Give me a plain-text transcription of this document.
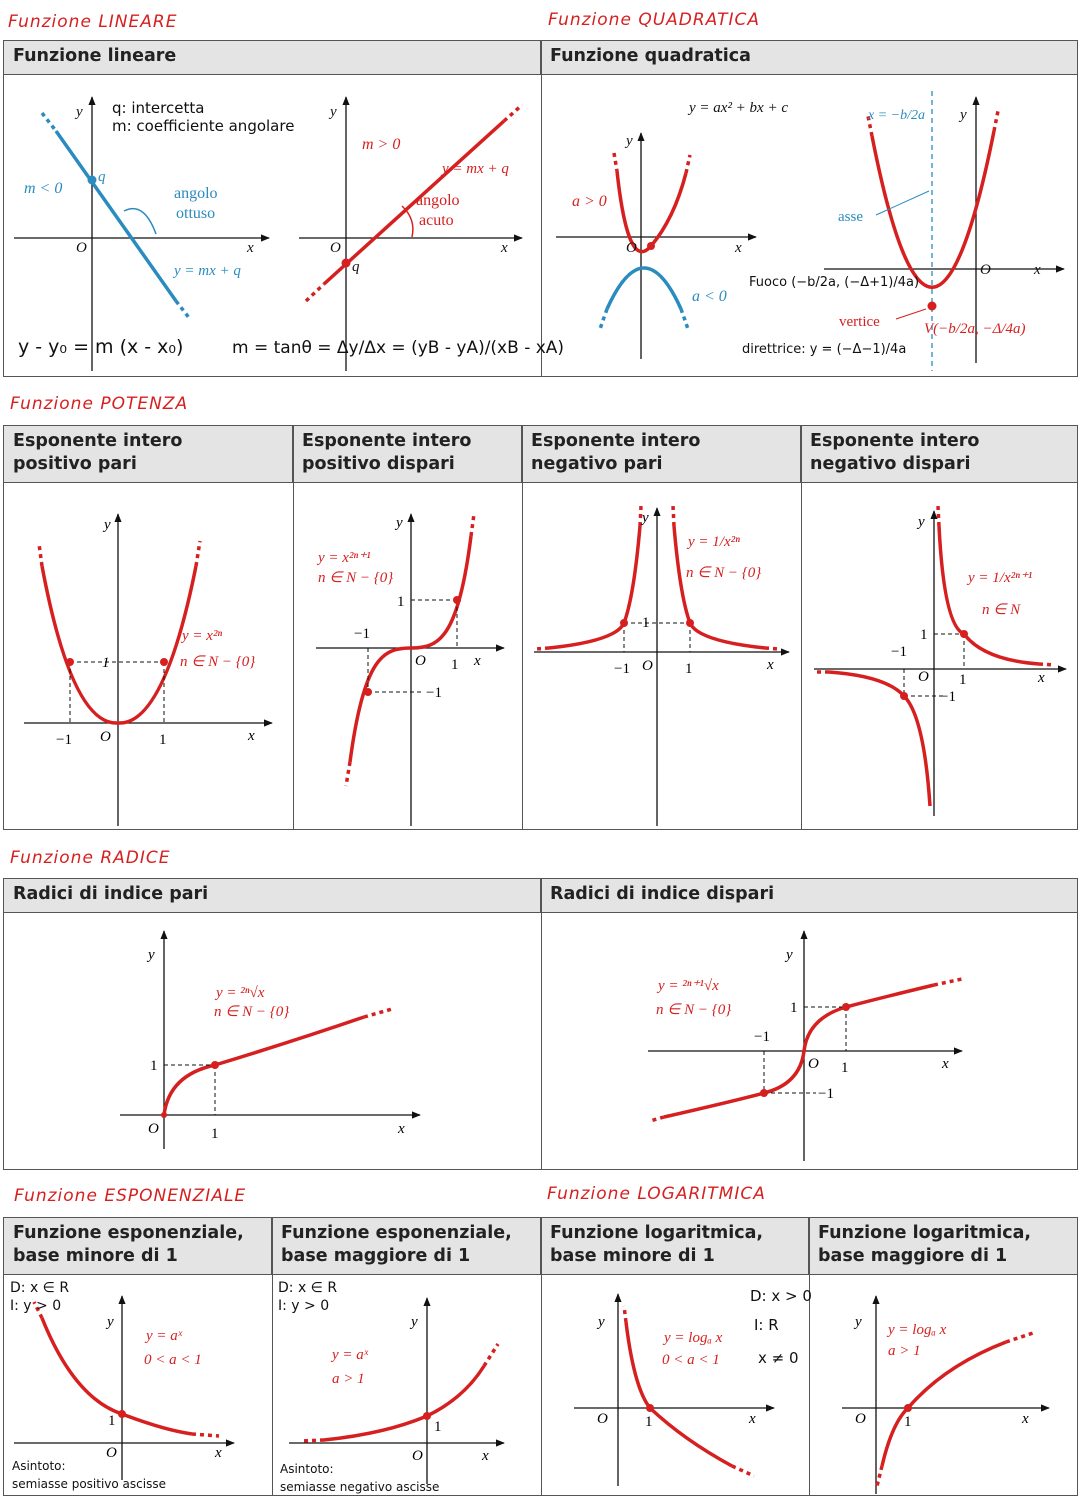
Funzione LINEARE	Funzione QUADRATICA
Funzione POTENZA
Funzione RADICE
Funzione ESPONENZIALE	Funzione LOGARITMICA
Funzione lineare	Funzione quadratica
m < 0
q
angolo
ottuso
y = mx + q
O
y
x
q: intercetta
m: coefficiente angolare
m > 0
y = mx + q
angolo
acuto
q
O
y
x
y - y₀ = m (x - x₀)	m = tanθ = Δy/Δx = (yB - yA)/(xB - xA)
a > 0
a < 0
O
y
x
y = ax² + bx + c	x = −b/2a
asse
vertice	V(−b/2a, −Δ/4a)
O
y
x
Fuoco (−b/2a, (−Δ+1)/4a)
direttrice: y = (−Δ−1)/4a
Esponente intero
positivo pari
Esponente intero
positivo dispari
Esponente intero
negativo pari
Esponente intero
negativo dispari
1
−1	1
O
y
x
y = x²ⁿ
n ∈ N − {0}
1
−1
−1
1
O
y
x
y = x²ⁿ⁺¹
n ∈ N − {0}
1
−1	1
O
y
x
y = 1/x²ⁿ
n ∈ N − {0}
1
−1
1
−1
O
y
x
y = 1/x²ⁿ⁺¹
n ∈ N
Radici di indice pari	Radici di indice dispari
1
1
O
y
x
y = ²ⁿ√x
n ∈ N − {0}	1
−1
1
−1
O
y
x
y = ²ⁿ⁺¹√x
n ∈ N − {0}
Funzione esponenziale,
base minore di 1
Funzione esponenziale,
base maggiore di 1
Funzione logaritmica,
base minore di 1
Funzione logaritmica,
base maggiore di 1
1
O
y
x
y = aˣ
0 < a < 1
D: x ∈ R
I: y > 0
Asintoto:
semiasse positivo ascisse
1
O
y
x
y = aˣ
a > 1
D: x ∈ R
I: y > 0
Asintoto:
semiasse negativo ascisse
1
O
y
x
y = logₐ x
0 < a < 1
D: x > 0
I: R
x ≠ 0
1
O
y
x
y = logₐ x
a > 1
